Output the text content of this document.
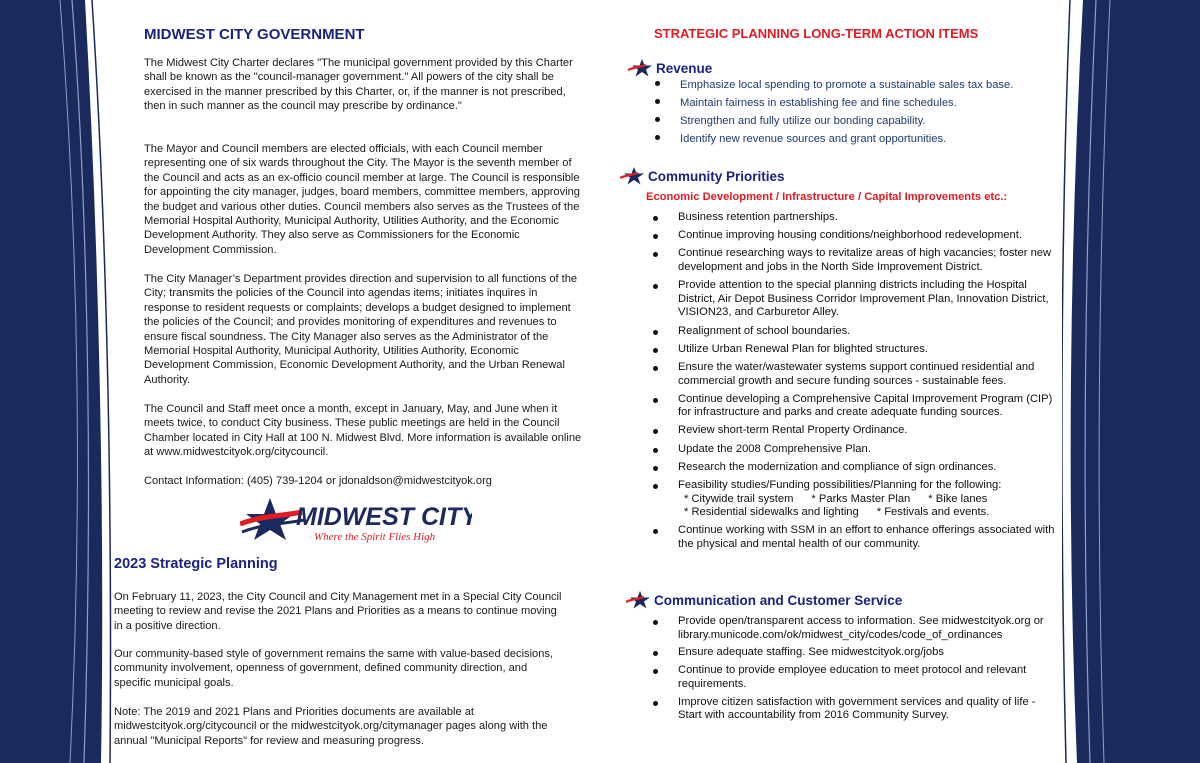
MIDWEST CITY GOVERNMENT

The Midwest City Charter declares "The municipal government provided by this Charter shall be known as the "council-manager government." All powers of the city shall be exercised in the manner prescribed by this Charter, or, if the manner is not prescribed, then in such manner as the council may prescribe by ordinance."

The Mayor and Council members are elected officials, with each Council member representing one of six wards throughout the City. The Mayor is the seventh member of the Council and acts as an ex-officio council member at large. The Council is responsible for appointing the city manager, judges, board members, committee members, approving the budget and various other duties. Council members also serves as the Trustees of the Memorial Hospital Authority, Municipal Authority, Utilities Authority, and the Economic Development Authority. They also serve as Commissioners for the Economic Development Commission.

The City Manager’s Department provides direction and supervision to all functions of the City; transmits the policies of the Council into agendas items; initiates inquires in response to resident requests or complaints; develops a budget designed to implement the policies of the Council; and provides monitoring of expenditures and revenues to ensure fiscal soundness. The City Manager also serves as the Administrator of the Memorial Hospital Authority, Municipal Authority, Utilities Authority, Economic Development Commission, Economic Development Authority, and the Urban Renewal Authority.

The Council and Staff meet once a month, except in January, May, and June when it meets twice, to conduct City business. These public meetings are held in the Council Chamber located in City Hall at 100 N. Midwest Blvd. More information is available online at www.midwestcityok.org/citycouncil.

Contact Information: (405) 739-1204 or jdonaldson@midwestcityok.org

2023 Strategic Planning

On February 11, 2023, the City Council and City Management met in a Special City Council meeting to review and revise the 2021 Plans and Priorities as a means to continue moving in a positive direction.

Our community-based style of government remains the same with value-based decisions, community involvement, openness of government, defined community direction, and specific municipal goals.

Note: The 2019 and 2021 Plans and Priorities documents are available at midwestcityok.org/citycouncil or the midwestcityok.org/citymanager pages along with the annual "Municipal Reports" for review and measuring progress.

MIDWEST CITY
Where the Spirit Flies High
STRATEGIC PLANNING LONG-TERM ACTION ITEMS
Revenue
Emphasize local spending to promote a sustainable sales tax base.
Maintain fairness in establishing fee and fine schedules.
Strengthen and fully utilize our bonding capability.
Identify new revenue sources and grant opportunities.
Community Priorities

Economic Development / Infrastructure / Capital Improvements etc.:

Business retention partnerships.
Continue improving housing conditions/neighborhood redevelopment.
Continue researching ways to revitalize areas of high vacancies; foster new development and jobs in the North Side Improvement District.
Provide attention to the special planning districts including the Hospital District, Air Depot Business Corridor Improvement Plan, Innovation District, VISION23, and Carburetor Alley.
Realignment of school boundaries.
Utilize Urban Renewal Plan for blighted structures.
Ensure the water/wastewater systems support continued residential and commercial growth and secure funding sources - sustainable fees.
Continue developing a Comprehensive Capital Improvement Program (CIP) for infrastructure and parks and create adequate funding sources.
Review short-term Rental Property Ordinance.
Update the 2008 Comprehensive Plan.
Research the modernization and compliance of sign ordinances.
Feasibility studies/Funding possibilities/Planning for the following:
* Citywide trail system * Parks Master Plan * Bike lanes
* Residential sidewalks and lighting * Festivals and events.
Continue working with SSM in an effort to enhance offerings associated with the physical and mental health of our community.
Communication and Customer Service
Provide open/transparent access to information. See midwestcityok.org or library.municode.com/ok/midwest_city/codes/code_of_ordinances
Ensure adequate staffing. See midwestcityok.org/jobs
Continue to provide employee education to meet protocol and relevant requirements.
Improve citizen satisfaction with government services and quality of life - Start with accountability from 2016 Community Survey.
